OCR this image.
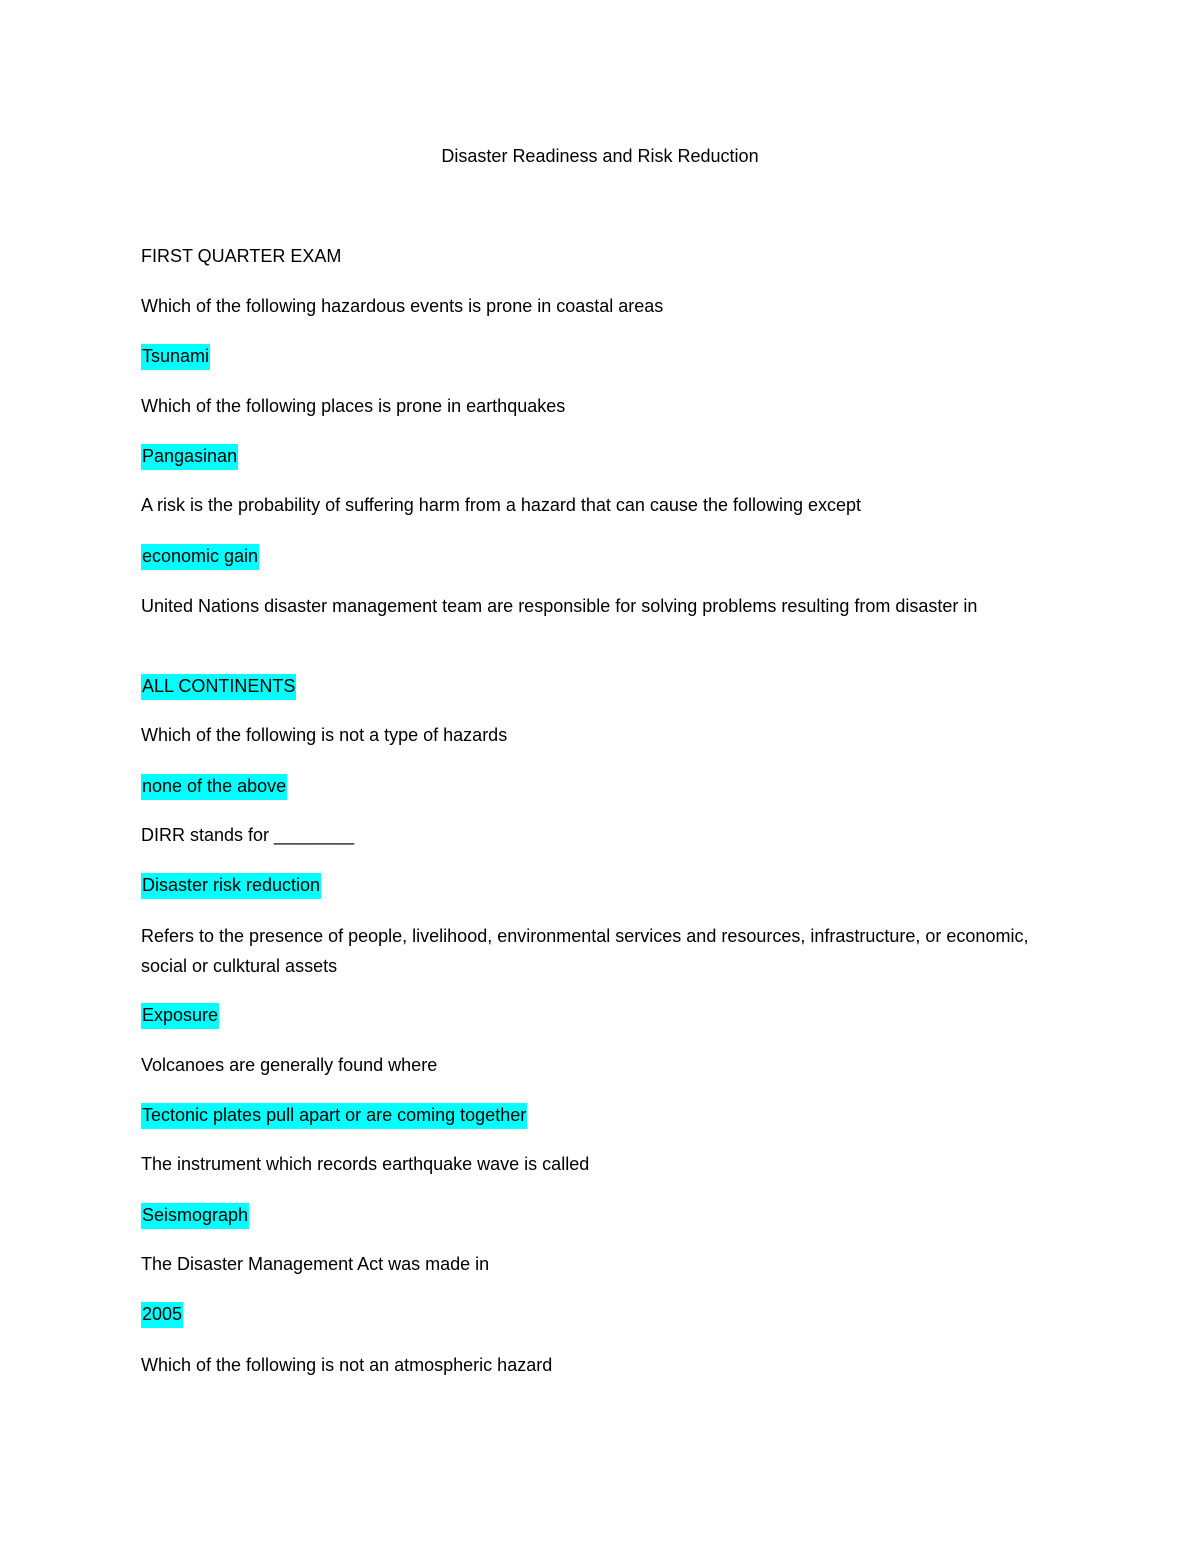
Disaster Readiness and Risk Reduction
FIRST QUARTER EXAM
Which of the following hazardous events is prone in coastal areas
Tsunami
Which of the following places is prone in earthquakes
Pangasinan
A risk is the probability of suffering harm from a hazard that can cause the following except
economic gain
United Nations disaster management team are responsible for solving problems resulting from disaster in
ALL CONTINENTS
Which of the following is not a type of hazards
none of the above
DIRR stands for ________
Disaster risk reduction
Refers to the presence of people, livelihood, environmental services and resources, infrastructure, or economic, social or culktural assets
Exposure
Volcanoes are generally found where
Tectonic plates pull apart or are coming together
The instrument which records earthquake wave is called
Seismograph
The Disaster Management Act was made in
2005
Which of the following is not an atmospheric hazard
